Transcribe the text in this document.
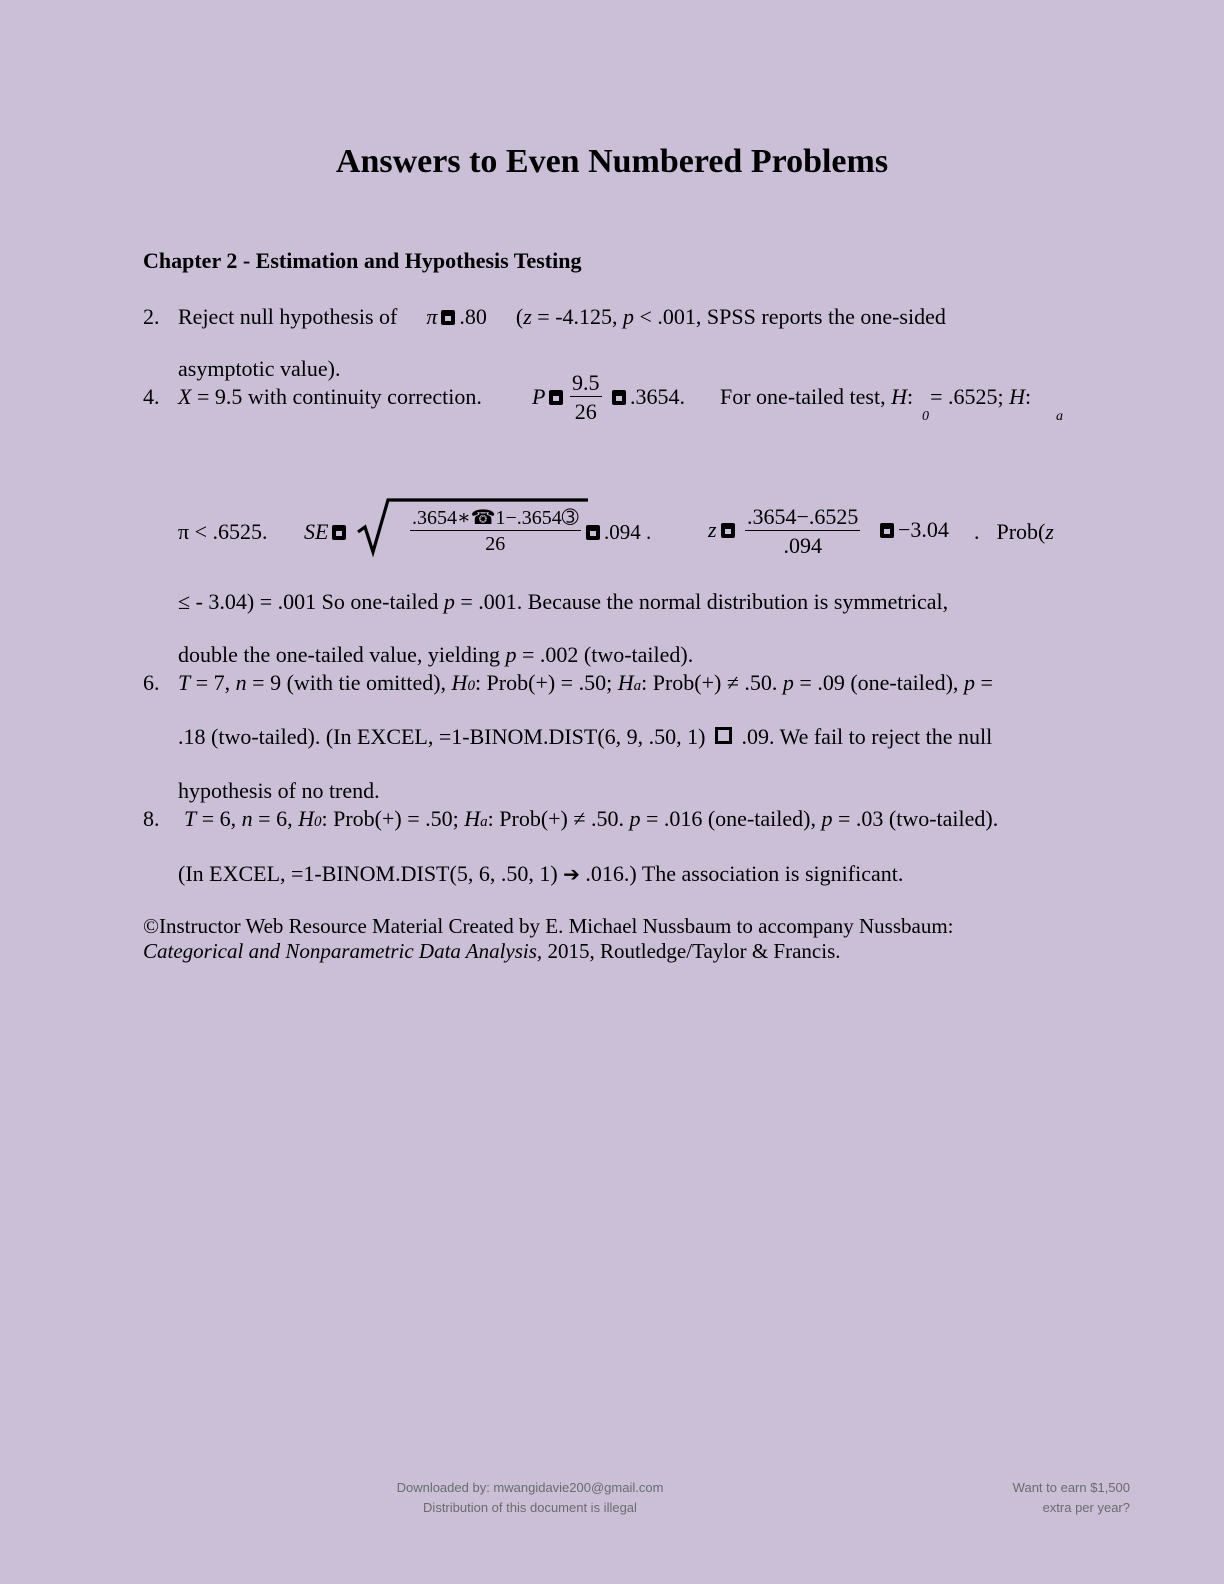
Answers to Even Numbered Problems
Chapter 2 - Estimation and Hypothesis Testing
2. Reject null hypothesis of π .80 (z = -4.125, p < .001, SPSS reports the one-sided
asymptotic value).
4. X = 9.5 with continuity correction. P	$\frac{9.5}{26}$	.3654. For one-tailed test, H: = .6525; H:
0	a
π < .6525. SE	$\frac{\text{.3654∗☎1−.3654➂}}{26}$	.094 .	z	$\frac{.3654-.6525}{.094}$	−3.04 . Prob(z
≤ - 3.04) = .001 So one-tailed p = .001. Because the normal distribution is symmetrical,
double the one-tailed value, yielding p = .002 (two-tailed).
6. T = 7, n = 9 (with tie omitted), H0: Prob(+) = .50; Ha: Prob(+) ≠ .50. p = .09 (one-tailed), p =
.18 (two-tailed). (In EXCEL, =1-BINOM.DIST(6, 9, .50, 1) .09. We fail to reject the null
hypothesis of no trend.
8. T = 6, n = 6, H0: Prob(+) = .50; Ha: Prob(+) ≠ .50. p = .016 (one-tailed), p = .03 (two-tailed).
(In EXCEL, =1-BINOM.DIST(5, 6, .50, 1) ➔ .016.) The association is significant.
©Instructor Web Resource Material Created by E. Michael Nussbaum to accompany Nussbaum:
Categorical and Nonparametric Data Analysis, 2015, Routledge/Taylor & Francis.
Downloaded by: mwangidavie200@gmail.com
Distribution of this document is illegal
Want to earn $1,500
extra per year?
